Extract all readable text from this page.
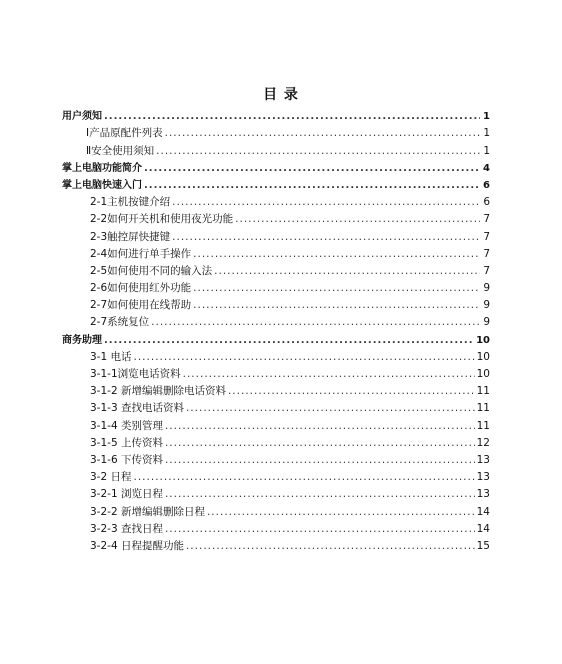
目 录
用户须知 .....	1
Ⅰ产品原配件列表 .....	1
Ⅱ安全使用须知 .....	1
掌上电脑功能简介 .....	4
掌上电脑快速入门 .....	6
2-1主机按键介绍 .....	6
2-2如何开关机和使用夜光功能 .....	7
2-3触控屏快捷键 .....	7
2-4如何进行单手操作 .....	7
2-5如何使用不同的输入法 .....	7
2-6如何使用红外功能 .....	9
2-7如何使用在线帮助 .....	9
2-7系统复位 .....	9
商务助理 .....	10
3-1 电话 .....	10
3-1-1浏览电话资料 .....	10
3-1-2 新增编辑删除电话资料 .....	11
3-1-3 查找电话资料 .....	11
3-1-4 类别管理 .....	11
3-1-5 上传资料 .....	12
3-1-6 下传资料 .....	13
3-2 日程 .....	13
3-2-1 浏览日程 .....	13
3-2-2 新增编辑删除日程 .....	14
3-2-3 查找日程 .....	14
3-2-4 日程提醒功能 .....	15
